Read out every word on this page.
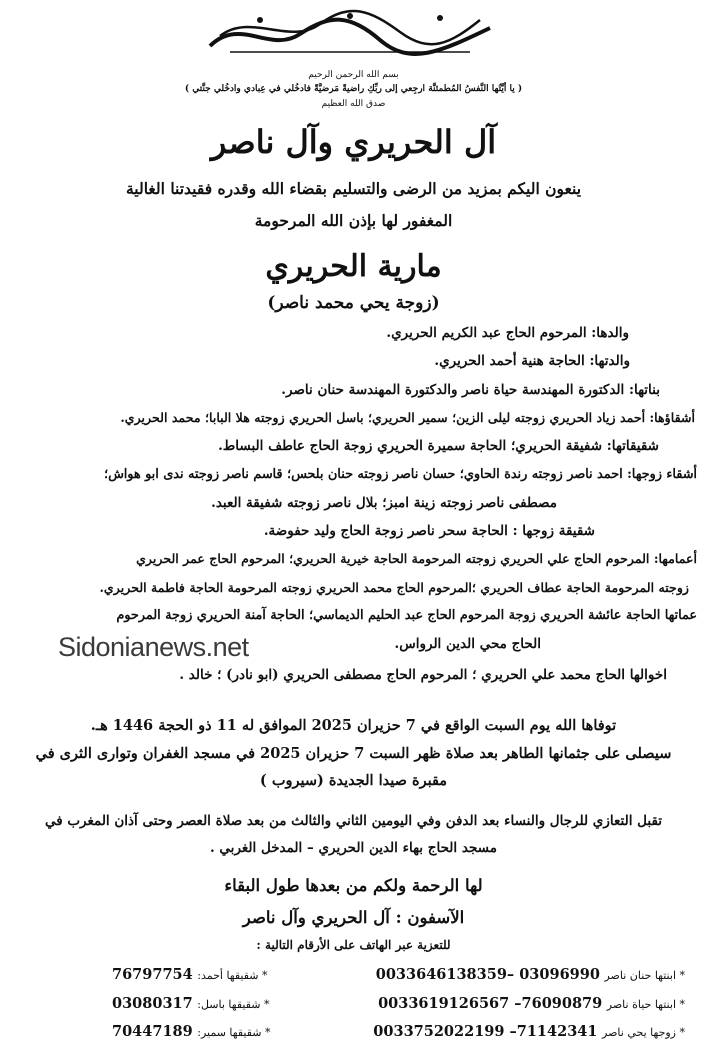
بسم الله الرحمن الرحيم
( يا أيَّتُها النَّفسُ المُطمئنَّة ارجِعي إلى ربِّكِ راضيةً مَرضيَّةً فادخُلي في عِبادي وادخُلي جنَّتي )
صدق الله العظيم
آل الحريري وآل ناصر
ينعون اليكم بمزيد من الرضى والتسليم بقضاء الله وقدره فقيدتنا الغالية
المغفور لها بإذن الله المرحومة
مارية الحريري
(زوجة يحي محمد ناصر)
والدها: المرحوم الحاج عبد الكريم الحريري.
والدتها: الحاجة هنية أحمد الحريري.
بناتها: الدكتورة المهندسة حياة ناصر والدكتورة المهندسة حنان ناصر.
أشقاؤها: أحمد زياد الحريري زوجته ليلى الزين؛ سمير الحريري؛ باسل الحريري زوجته هلا البابا؛ محمد الحريري.
شقيقاتها: شفيقة الحريري؛ الحاجة سميرة الحريري زوجة الحاج عاطف البساط.
أشقاء زوجها: احمد ناصر زوجته رندة الحاوي؛ حسان ناصر زوجته حنان بلحس؛ قاسم ناصر زوجته ندى ابو هواش؛
مصطفى ناصر زوجته زينة امبز؛ بلال ناصر زوجته شفيقة العبد.
شقيقة زوجها : الحاجة سحر ناصر زوجة الحاج وليد حفوضة.
أعمامها: المرحوم الحاج علي الحريري زوجته المرحومة الحاجة خيرية الحريري؛ المرحوم الحاج عمر الحريري
زوجته المرحومة الحاجة عطاف الحريري ؛المرحوم الحاج محمد الحريري زوجته المرحومة الحاجة فاطمة الحريري.
عماتها الحاجة عائشة الحريري زوجة المرحوم الحاج عبد الحليم الديماسي؛ الحاجة آمنة الحريري زوجة المرحوم
الحاج محي الدين الرواس.
اخوالها الحاج محمد علي الحريري ؛ المرحوم الحاج مصطفى الحريري (ابو نادر) ؛ خالد .
Sidonianews.net
توفاها الله يوم السبت الواقع في 7 حزيران 2025 الموافق له 11 ذو الحجة 1446 هـ.
سيصلى على جثمانها الطاهر بعد صلاة ظهر السبت 7 حزيران 2025 في مسجد الغفران وتوارى الثرى في
مقبرة صيدا الجديدة (سيروب )
تقبل التعازي للرجال والنساء بعد الدفن وفي اليومين الثاني والثالث من بعد صلاة العصر وحتى آذان المغرب في
مسجد الحاج بهاء الدين الحريري – المدخل الغربي .
لها الرحمة ولكم من بعدها طول البقاء
الآسفون : آل الحريري وآل ناصر
للتعزية عبر الهاتف على الأرقام التالية :
* ابنتها حنان ناصر 0033646138359– 03096990
* شقيقها أحمد: 76797754
* ابنتها حياة ناصر 0033619126567 –76090879
* شقيقها باسل: 03080317
* زوجها يحي ناصر 0033752022199 –71142341
* شقيقها سمير: 70447189
